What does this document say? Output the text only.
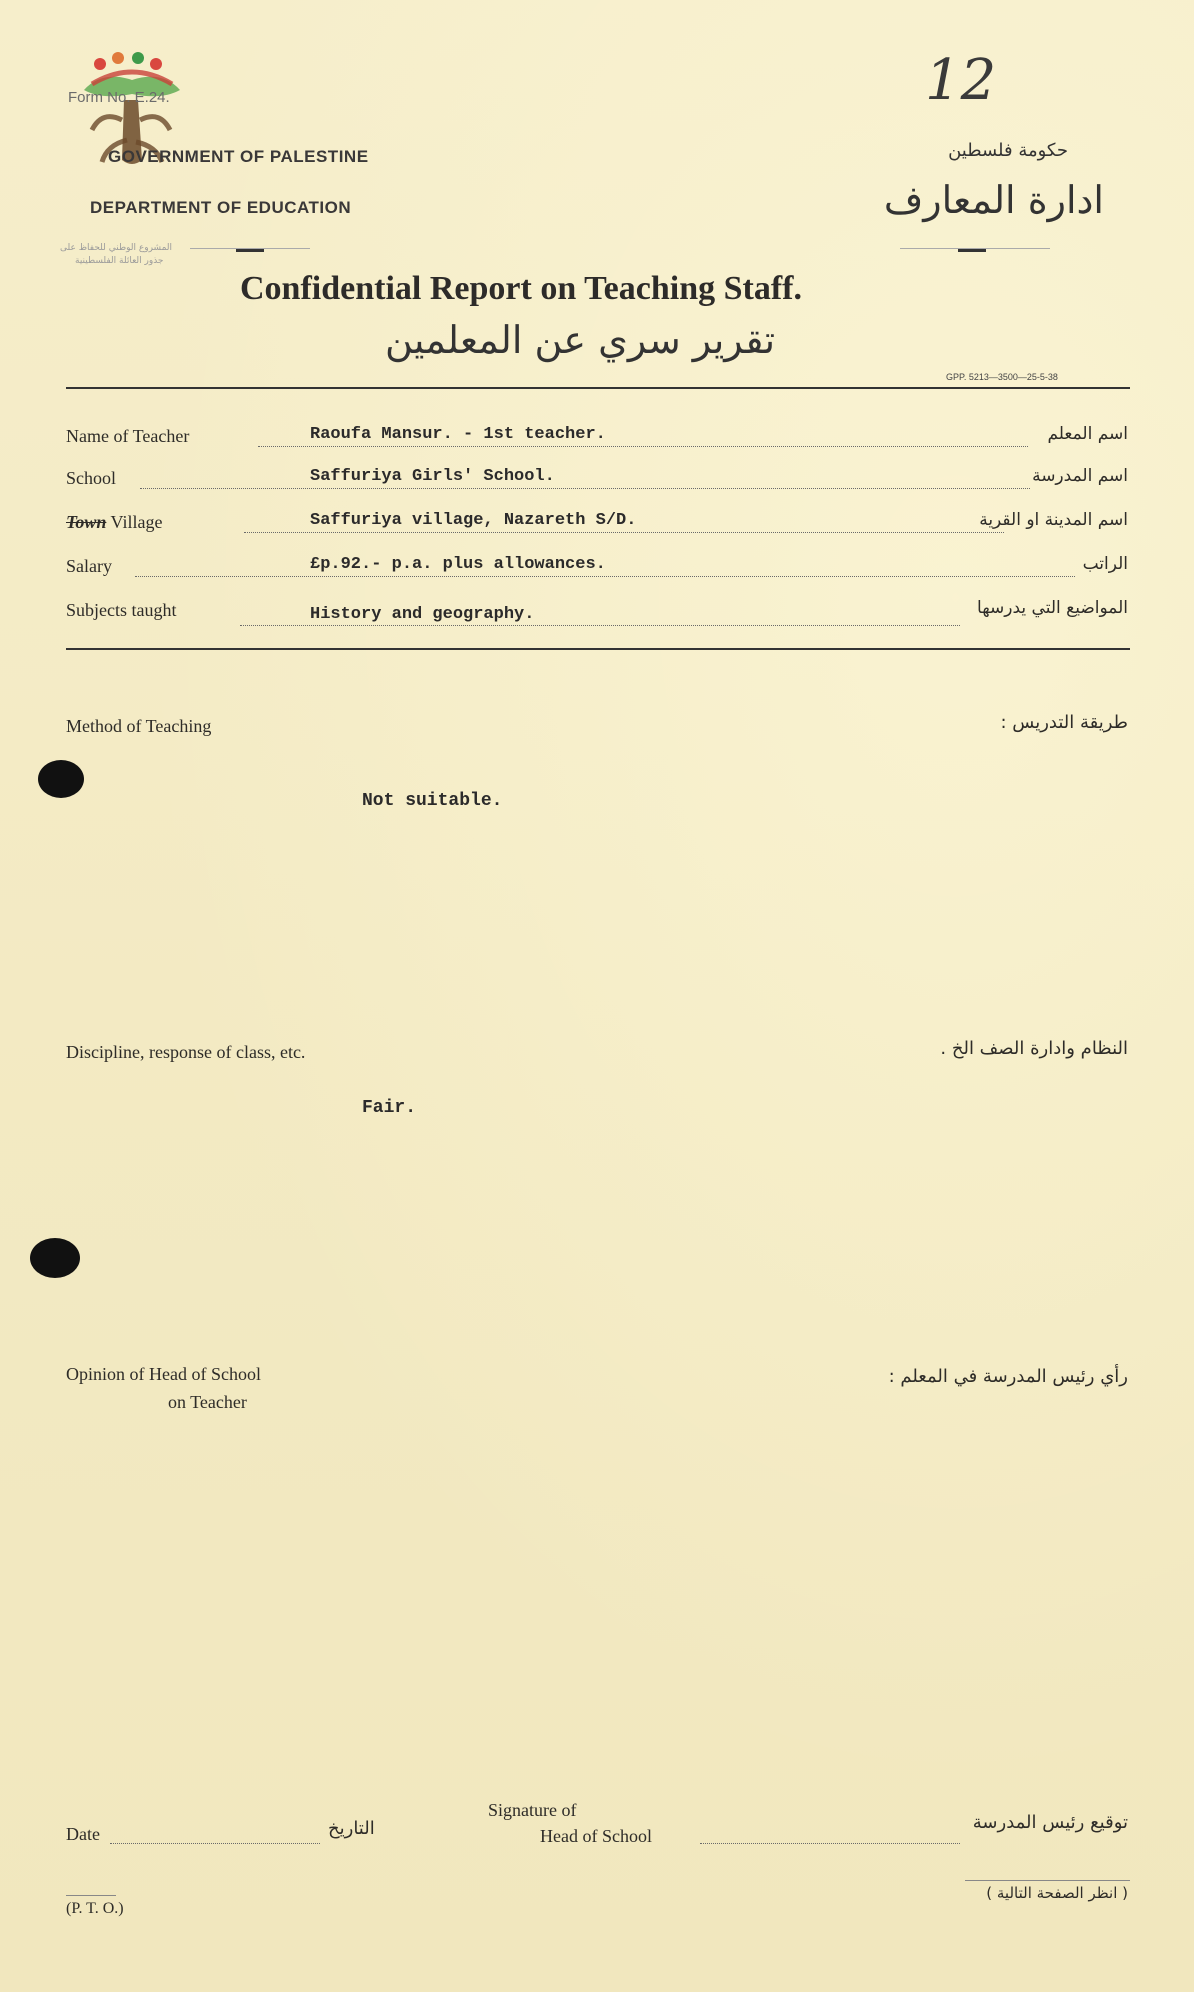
12
Form No. E.24.
المشروع الوطني للحفاظ على
جذور العائلة الفلسطينية
GOVERNMENT OF PALESTINE
DEPARTMENT OF EDUCATION
حكومة فلسطين
ادارة المعارف
Confidential Report on Teaching Staff.
تقرير سري عن المعلمين
GPP. 5213—3500—25-5-38
Name of Teacher	Raoufa Mansur. - 1st teacher.	اسم المعلم
School	Saffuriya Girls' School.	اسم المدرسة
Town Village	Saffuriya village, Nazareth S/D.	اسم المدينة او القرية
Salary	£p.92.- p.a. plus allowances.	الراتب
Subjects taught	History and geography.	المواضيع التي يدرسها
Method of Teaching	طريقة التدريس :
Not suitable.
Discipline, response of class, etc.	النظام وادارة الصف الخ .
Fair.
Opinion of Head of School
on Teacher
رأي رئيس المدرسة في المعلم :
Date	التاريخ
Signature of
Head of School
توقيع رئيس المدرسة
(P. T. O.)
( انظر الصفحة التالية )
